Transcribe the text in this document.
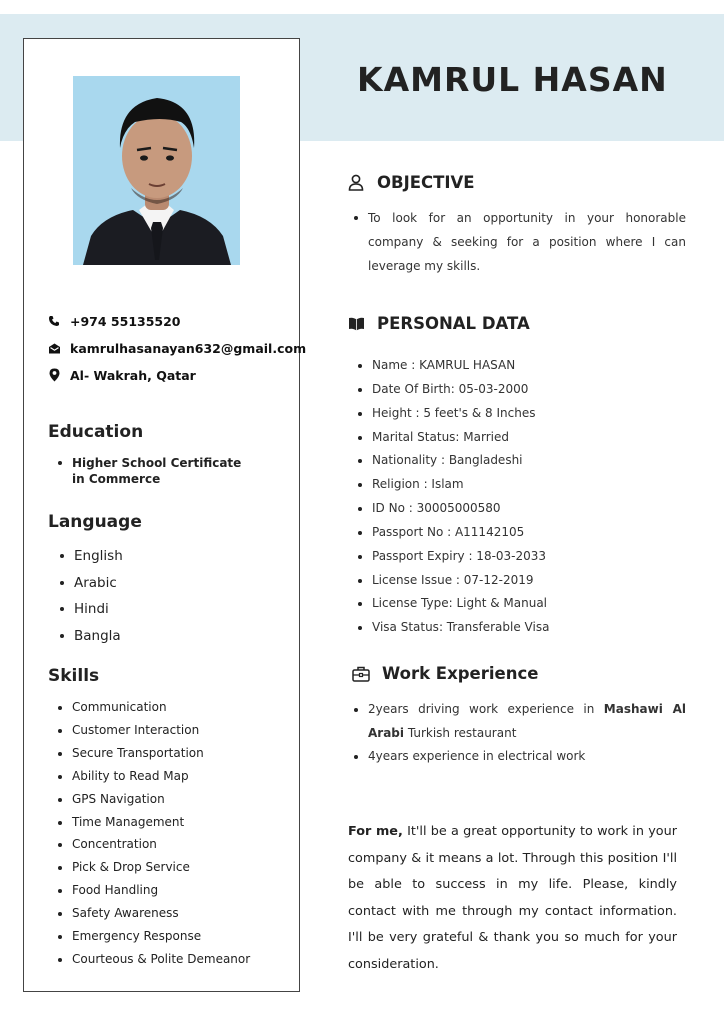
KAMRUL HASAN
+974 55135520
kamrulhasanayan632@gmail.com
Al- Wakrah, Qatar
Education
Higher School Certificate in Commerce
Language
English
Arabic
Hindi
Bangla
Skills
Communication
Customer Interaction
Secure Transportation
Ability to Read Map
GPS Navigation
Time Management
Concentration
Pick & Drop Service
Food Handling
Safety Awareness
Emergency Response
Courteous & Polite Demeanor
OBJECTIVE
To look for an opportunity in your honorable company & seeking for a position where I can leverage my skills.
PERSONAL DATA
Name : KAMRUL HASAN
Date Of Birth: 05-03-2000
Height : 5 feet's & 8 Inches
Marital Status: Married
Nationality : Bangladeshi
Religion : Islam
ID No : 30005000580
Passport No : A11142105
Passport Expiry : 18-03-2033
License Issue : 07-12-2019
License Type: Light & Manual
Visa Status: Transferable Visa
Work Experience
2years driving work experience in Mashawi Al Arabi Turkish restaurant
4years experience in electrical work

For me, It'll be a great opportunity to work in your company & it means a lot. Through this position I'll be able to success in my life. Please, kindly contact with me through my contact information. I'll be very grateful & thank you so much for your consideration.
